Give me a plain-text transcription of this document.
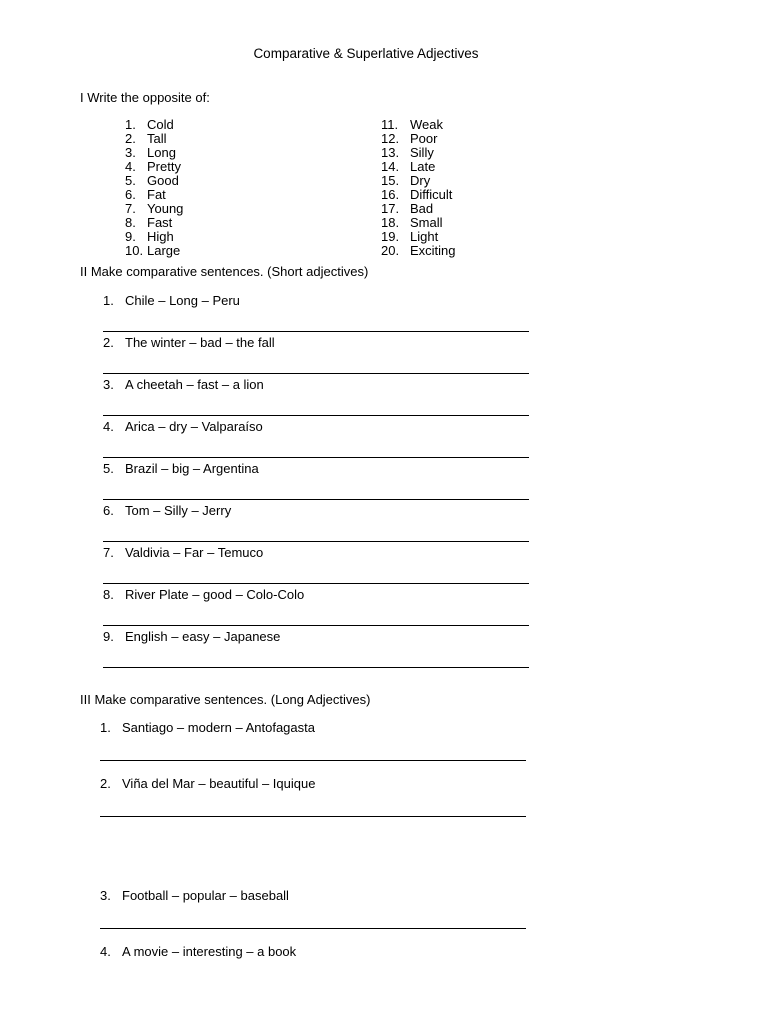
Comparative & Superlative Adjectives
I Write the opposite of:
1. Cold
2. Tall
3. Long
4. Pretty
5. Good
6. Fat
7. Young
8. Fast
9. High
10. Large
11. Weak
12. Poor
13. Silly
14. Late
15. Dry
16. Difficult
17. Bad
18. Small
19. Light
20. Exciting
II Make comparative sentences. (Short adjectives)
1. Chile – Long – Peru
2. The winter – bad – the fall
3. A cheetah – fast – a lion
4. Arica – dry – Valparaíso
5. Brazil – big – Argentina
6. Tom – Silly – Jerry
7. Valdivia – Far – Temuco
8. River Plate – good – Colo-Colo
9. English – easy – Japanese
III Make comparative sentences. (Long Adjectives)
1. Santiago – modern – Antofagasta
2. Viña del Mar – beautiful – Iquique
3. Football – popular – baseball
4. A movie – interesting – a book
